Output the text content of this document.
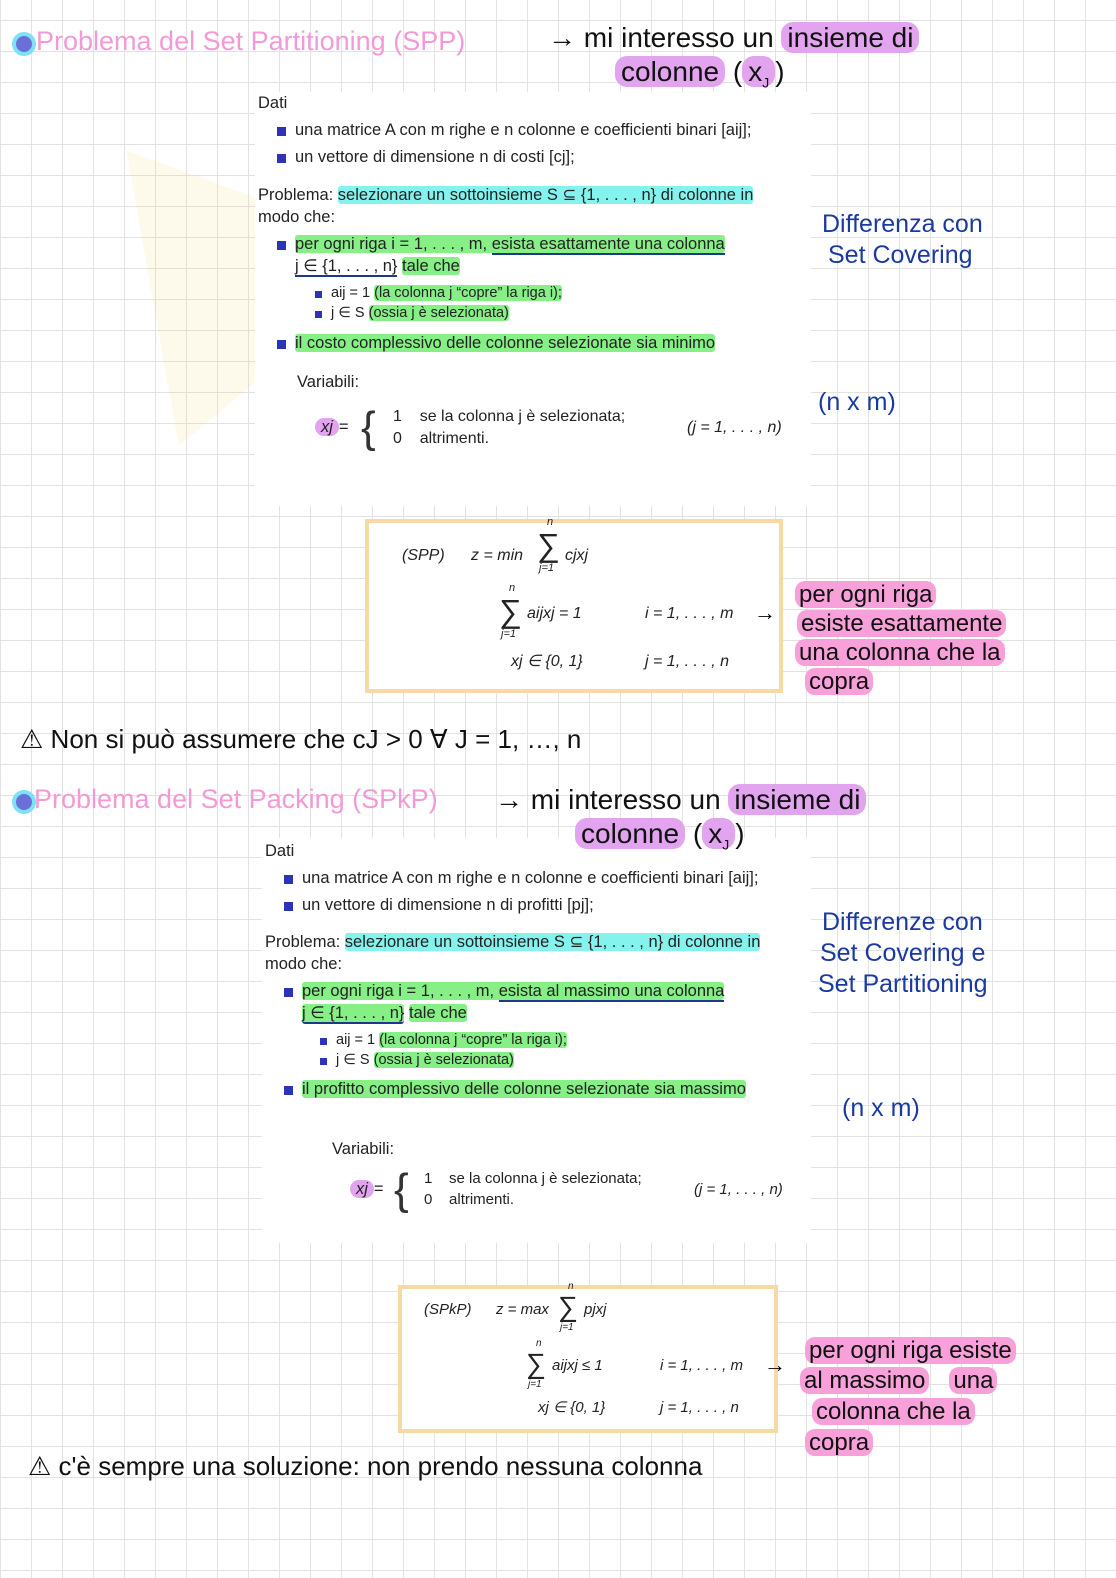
Problema del Set Partitioning (SPP)	→ mi interesso un insieme di
colonne ( $x_J$ )
Dati
una matrice A con m righe e n colonne e coefficienti binari [aij];
un vettore di dimensione n di costi [cj];
Problema: selezionare un sottoinsieme S ⊆ {1, . . . , n} di colonne in
modo che:
per ogni riga i = 1, . . . , m, esista esattamente una colonna
j ∈ {1, . . . , n} tale che
aij = 1 (la colonna j “copre” la riga i);
j ∈ S (ossia j è selezionata)
il costo complessivo delle colonne selezionate sia minimo
Variabili:
xj = { 1 se la colonna j è selezionata;
0 altrimenti.
(j = 1, . . . , n)
(SPP) z = min
n
∑
j=1
cjxj
n
∑
j=1
aijxj = 1	i = 1, . . . , m
xj ∈ {0, 1}	j = 1, . . . , n
→
Differenza con
Set Covering
(n x m)
per ogni riga
esiste esattamente
una colonna che la
copra
⚠ Non si può assumere che cJ > 0 ∀ J = 1, …, n
Problema del Set Packing (SPkP) → mi interesso un insieme di
colonne ( $x_J$ )
Dati
una matrice A con m righe e n colonne e coefficienti binari [aij];
un vettore di dimensione n di profitti [pj];
Problema: selezionare un sottoinsieme S ⊆ {1, . . . , n} di colonne in
modo che:
per ogni riga i = 1, . . . , m, esista al massimo una colonna
j ∈ {1, . . . , n} tale che
aij = 1 (la colonna j “copre” la riga i);
j ∈ S (ossia j è selezionata)
il profitto complessivo delle colonne selezionate sia massimo
Variabili:
xj = { 1 se la colonna j è selezionata;
0 altrimenti.
(j = 1, . . . , n)
(SPkP) z = max
n
∑
j=1
pjxj
n
∑
j=1
aijxj ≤ 1	i = 1, . . . , m
xj ∈ {0, 1}	j = 1, . . . , n
→
Differenze con
Set Covering e
Set Partitioning
(n x m)
per ogni riga esiste
al massimo una
colonna che la
copra
⚠ c'è sempre una soluzione: non prendo nessuna colonna
